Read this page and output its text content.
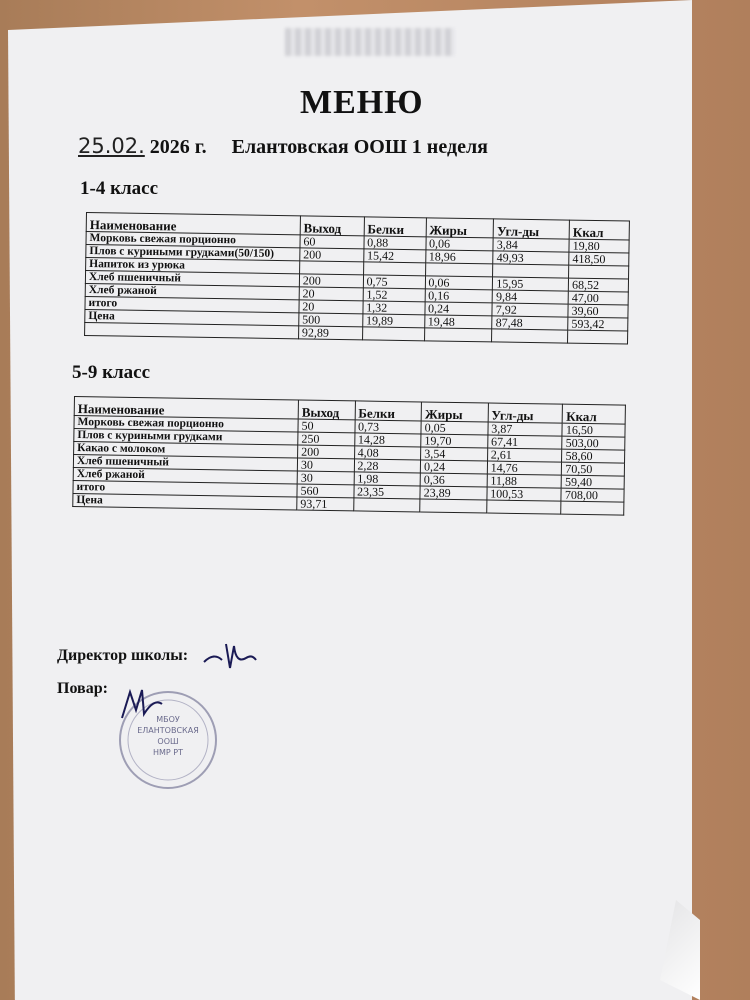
МЕНЮ
25.02. 2026 г. Елантовская ООШ 1 неделя
1-4 класс
Наименование	Выход	Белки	Жиры	Угл-ды	Ккал
Морковь свежая порционно	60	0,88	0,06	3,84	19,80
Плов с куриными грудками(50/150)	200	15,42	18,96	49,93	418,50
Напиток из урюка					
Хлеб пшеничный	200	0,75	0,06	15,95	68,52
Хлеб ржаной	20	1,52	0,16	9,84	47,00
итого	20	1,32	0,24	7,92	39,60
Цена	500	19,89	19,48	87,48	593,42
	92,89				
5-9 класс
Наименование	Выход	Белки	Жиры	Угл-ды	Ккал
Морковь свежая порционно	50	0,73	0,05	3,87	16,50
Плов с куриными грудками	250	14,28	19,70	67,41	503,00
Какао с молоком	200	4,08	3,54	2,61	58,60
Хлеб пшеничный	30	2,28	0,24	14,76	70,50
Хлеб ржаной	30	1,98	0,36	11,88	59,40
итого	560	23,35	23,89	100,53	708,00
Цена	93,71				
Директор школы:
Повар:
МБОУ
ЕЛАНТОВСКАЯ
ООШ
НМР РТ
